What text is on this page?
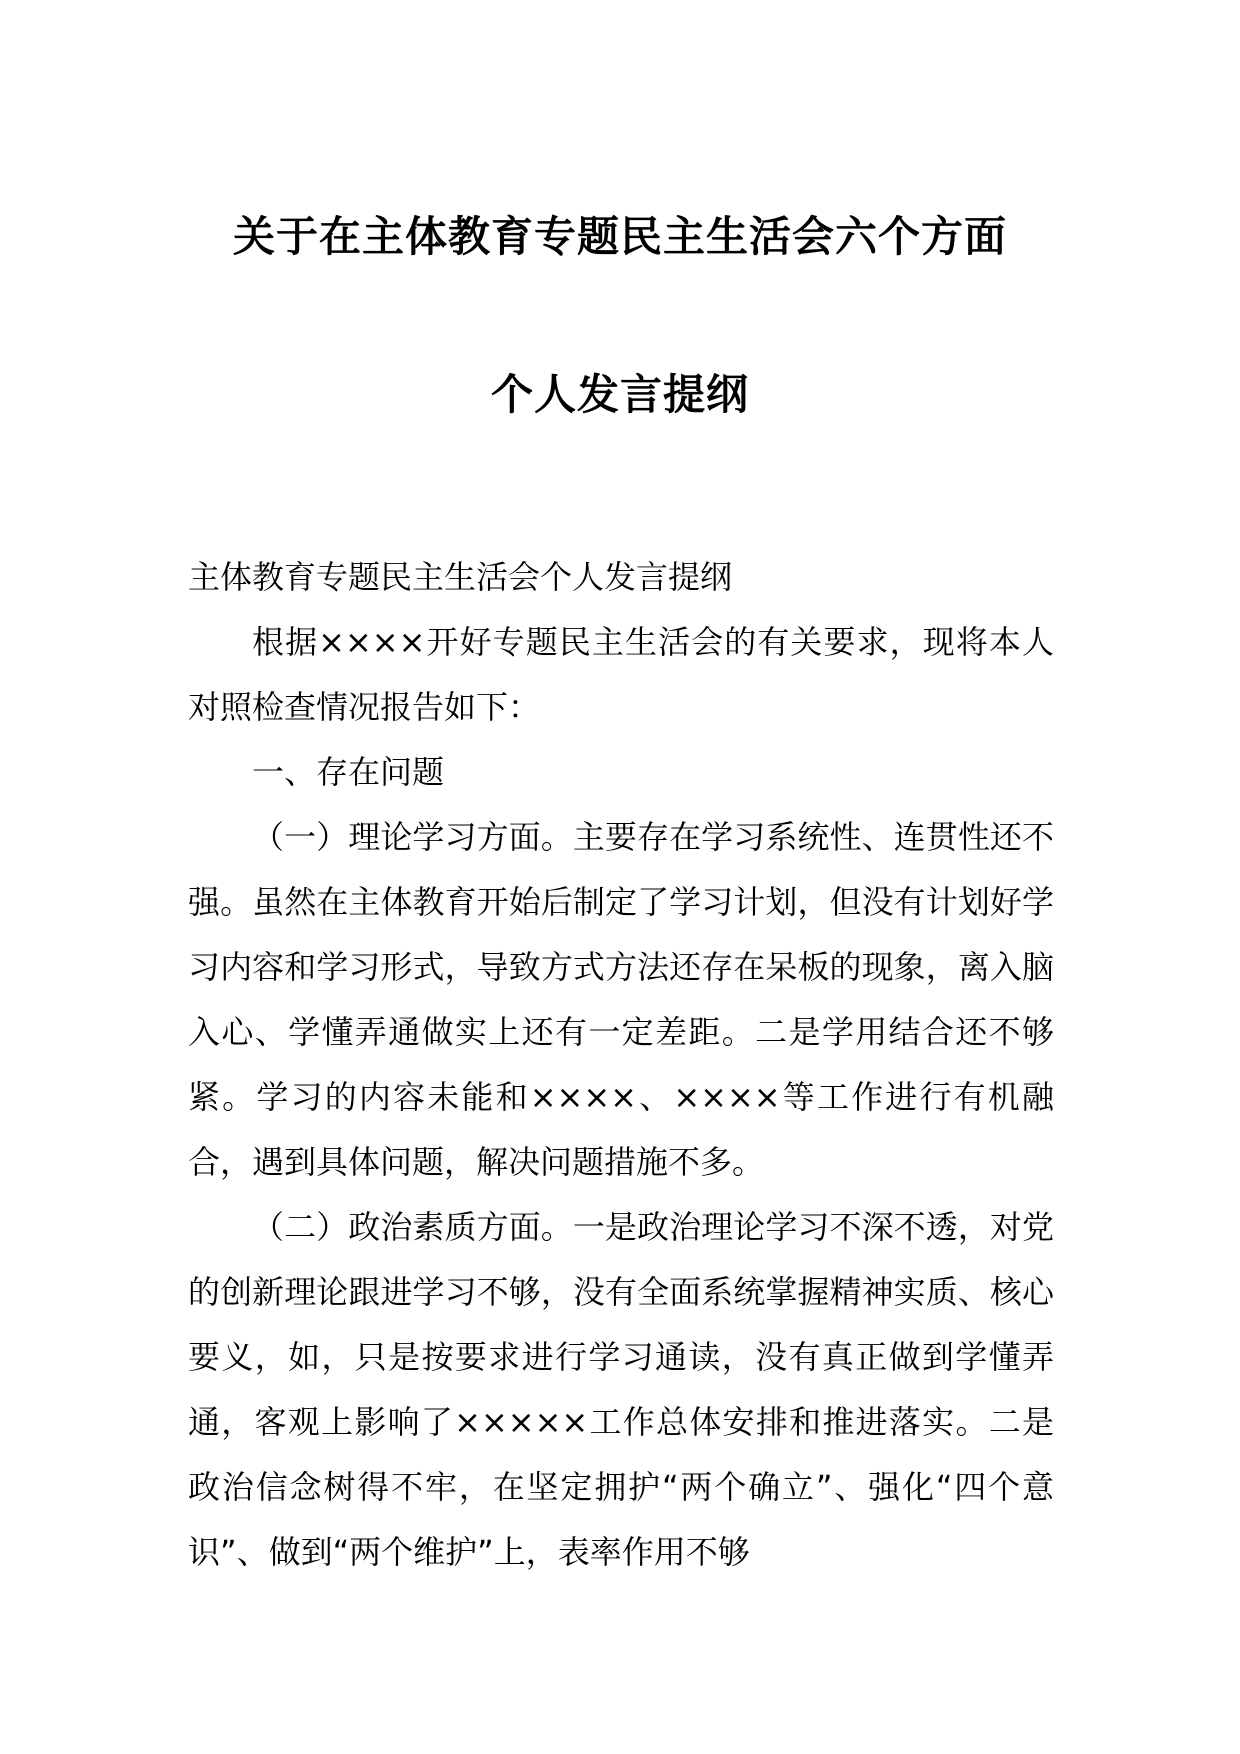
关于在主体教育专题民主生活会六个方面
个人发言提纲

主体教育专题民主生活会个人发言提纲

根据××××开好专题民主生活会的有关要求，现将本人对照检查情况报告如下：

一、存在问题

（一）理论学习方面。主要存在学习系统性、连贯性还不强。虽然在主体教育开始后制定了学习计划，但没有计划好学习内容和学习形式，导致方式方法还存在呆板的现象，离入脑入心、学懂弄通做实上还有一定差距。二是学用结合还不够紧。学习的内容未能和××××、××××等工作进行有机融合，遇到具体问题，解决问题措施不多。

（二）政治素质方面。一是政治理论学习不深不透，对党的创新理论跟进学习不够，没有全面系统掌握精神实质、核心要义，如，只是按要求进行学习通读，没有真正做到学懂弄通，客观上影响了×××××工作总体安排和推进落实。二是政治信念树得不牢，在坚定拥护“两个确立”、强化“四个意识”、做到“两个维护”上，表率作用不够
